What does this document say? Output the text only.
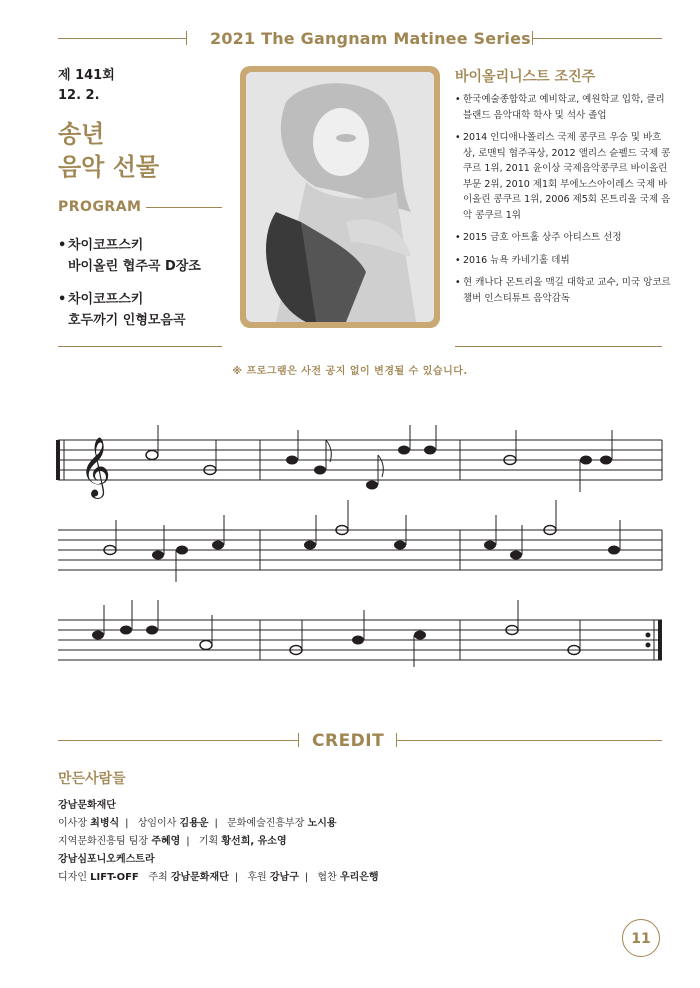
2021 The Gangnam Matinee Series
제 141회
12. 2.
송년
음악 선물
PROGRAM
• 차이코프스키
바이올린 협주곡 D장조
• 차이코프스키
호두까기 인형모음곡
바이올리니스트 조진주
• 한국예술종합학교 예비학교, 예원학교 입학, 클리블랜드 음악대학 학사 및 석사 졸업
• 2014 인디애나폴리스 국제 콩쿠르 우승 및 바흐상, 로맨틱 협주곡상, 2012 앨리스 슌펠드 국제 콩쿠르 1위, 2011 윤이상 국제음악콩쿠르 바이올린부문 2위, 2010 제1회 부에노스아이레스 국제 바이올린 콩쿠르 1위, 2006 제5회 몬트리올 국제 음악 콩쿠르 1위
• 2015 금호 아트홀 상주 아티스트 선정
• 2016 뉴욕 카네기홀 데뷔
• 현 캐나다 몬트리올 맥길 대학교 교수, 미국 앙코르 챔버 인스티튜트 음악감독
※ 프로그램은 사전 공지 없이 변경될 수 있습니다.
𝄞
CREDIT
만든사람들
강남문화재단
이사장 최병식 | 상임이사 김용운 | 문화예술진흥부장 노시용
지역문화진흥팀 팀장 주혜영 | 기획 황선희, 유소영
강남심포니오케스트라
디자인 LIFT-OFF 주최 강남문화재단 | 후원 강남구 | 협찬 우리은행
11
